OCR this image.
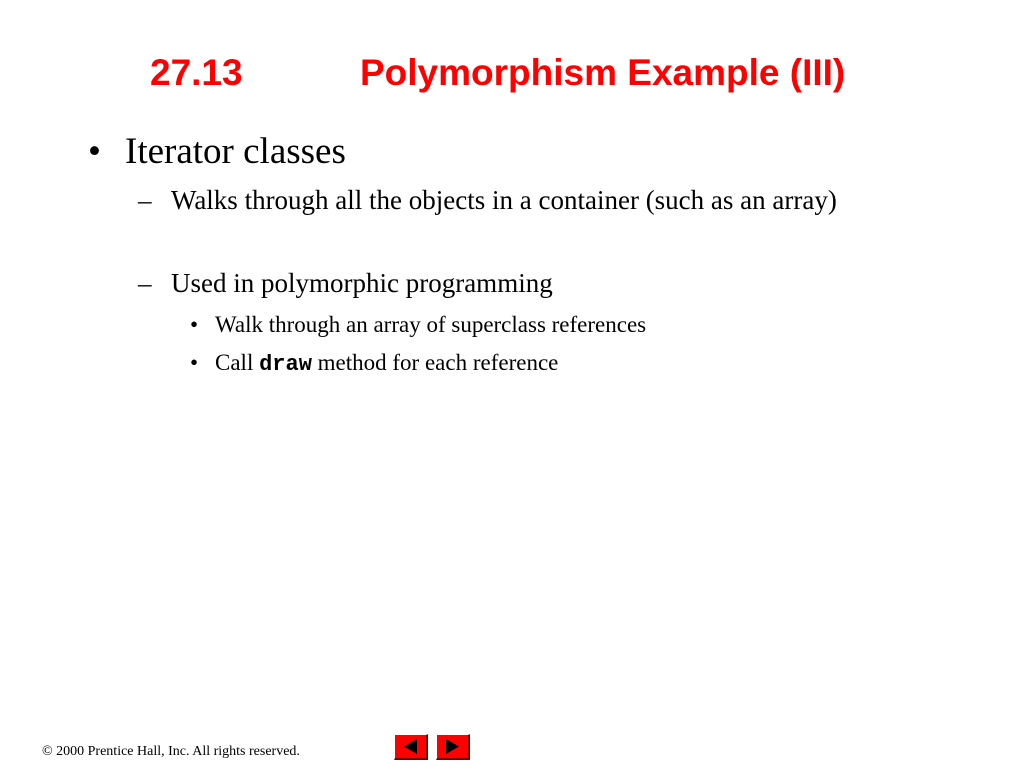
27.13	Polymorphism Example (III)
• Iterator classes
– Walks through all the objects in a container (such as an array)
– Used in polymorphic programming
• Walk through an array of superclass references
• Call draw method for each reference
© 2000 Prentice Hall, Inc. All rights reserved.
